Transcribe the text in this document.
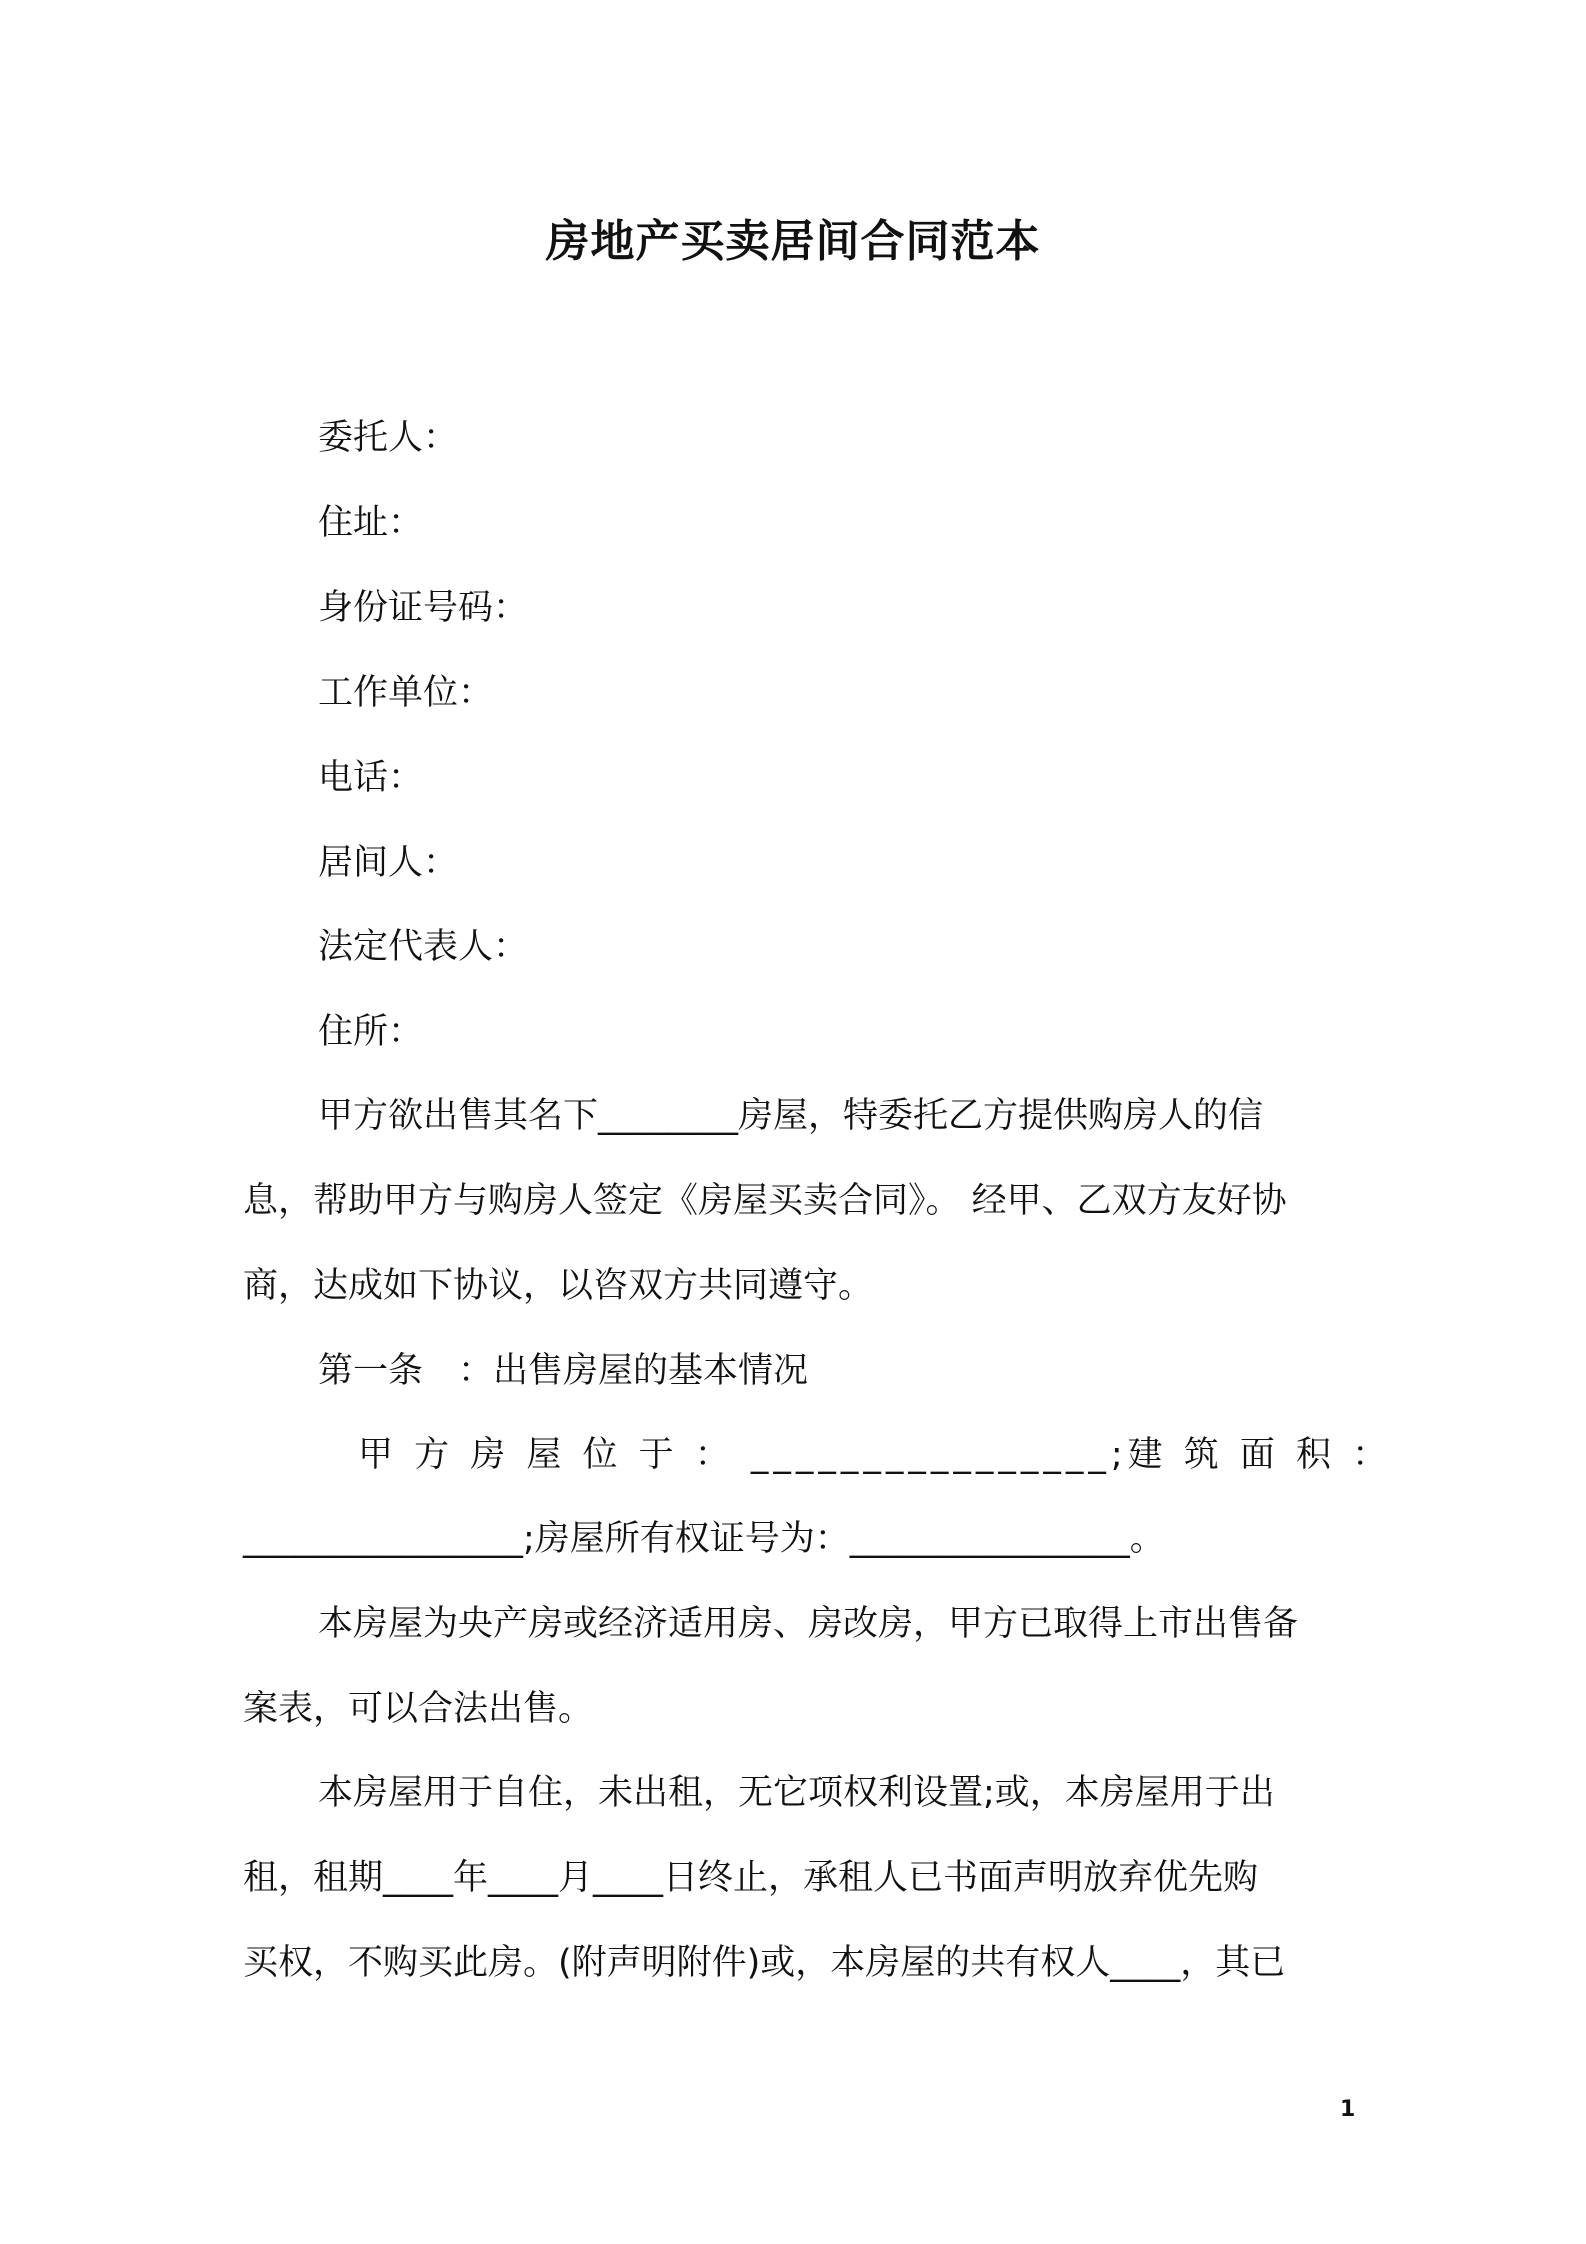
房地产买卖居间合同范本
委托人：
住址：
身份证号码：
工作单位：
电话：
居间人：
法定代表人：
住所：
甲方欲出售其名下________房屋，特委托乙方提供购房人的信
息，帮助甲方与购房人签定《房屋买卖合同》。 经甲、乙双方友好协
商，达成如下协议，以咨双方共同遵守。
第一条　：出售房屋的基本情况
甲 方 房 屋 位 于 ： ________________;建 筑 面 积 ：
________________;房屋所有权证号为：________________。
本房屋为央产房或经济适用房、房改房，甲方已取得上市出售备
案表，可以合法出售。
本房屋用于自住，未出租，无它项权利设置;或，本房屋用于出
租，租期____年____月____日终止，承租人已书面声明放弃优先购
买权，不购买此房。(附声明附件)或，本房屋的共有权人____，其已
1
